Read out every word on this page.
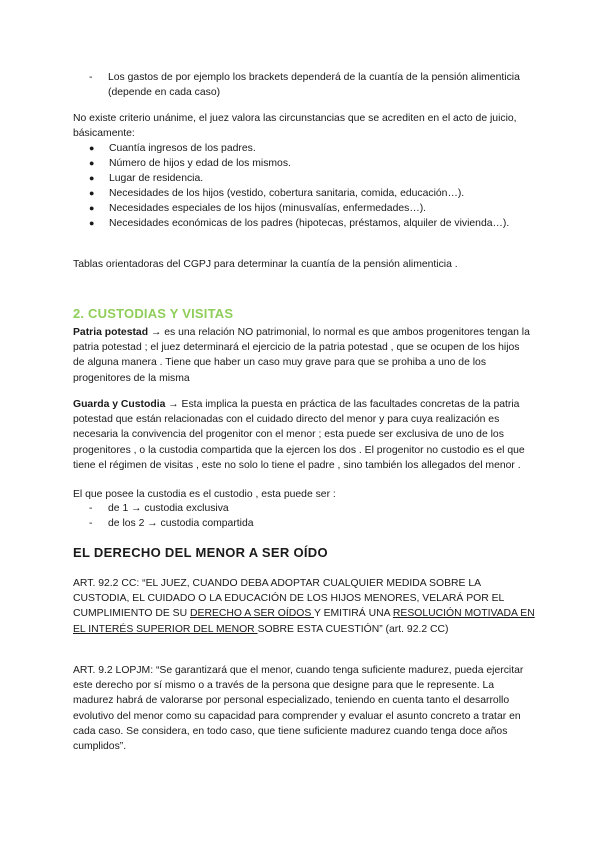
- Los gastos de por ejemplo los brackets dependerá de la cuantía de la pensión alimenticia (depende en cada caso)
No existe criterio unánime, el juez valora las circunstancias que se acrediten en el acto de juicio, básicamente:
● Cuantía ingresos de los padres.
● Número de hijos y edad de los mismos.
● Lugar de residencia.
● Necesidades de los hijos (vestido, cobertura sanitaria, comida, educación…).
● Necesidades especiales de los hijos (minusvalías, enfermedades…).
● Necesidades económicas de los padres (hipotecas, préstamos, alquiler de vivienda…).
Tablas orientadoras del CGPJ para determinar la cuantía de la pensión alimenticia .
2. CUSTODIAS Y VISITAS
Patria potestad → es una relación NO patrimonial, lo normal es que ambos progenitores tengan la patria potestad ; el juez determinará el ejercicio de la patria potestad , que se ocupen de los hijos de alguna manera . Tiene que haber un caso muy grave para que se prohiba a uno de los progenitores de la misma
Guarda y Custodia → Esta implica la puesta en práctica de las facultades concretas de la patria potestad que están relacionadas con el cuidado directo del menor y para cuya realización es necesaria la convivencia del progenitor con el menor ; esta puede ser exclusiva de uno de los progenitores , o la custodia compartida que la ejercen los dos . El progenitor no custodio es el que tiene el régimen de visitas , este no solo lo tiene el padre , sino también los allegados del menor .
El que posee la custodia es el custodio , esta puede ser :
- de 1 → custodia exclusiva
- de los 2 → custodia compartida
EL DERECHO DEL MENOR A SER OÍDO
ART. 92.2 CC: “EL JUEZ, CUANDO DEBA ADOPTAR CUALQUIER MEDIDA SOBRE LA CUSTODIA, EL CUIDADO O LA EDUCACIÓN DE LOS HIJOS MENORES, VELARÁ POR EL CUMPLIMIENTO DE SU DERECHO A SER OÍDOS Y EMITIRÁ UNA RESOLUCIÓN MOTIVADA EN EL INTERÉS SUPERIOR DEL MENOR SOBRE ESTA CUESTIÓN” (art. 92.2 CC)
ART. 9.2 LOPJM: “Se garantizará que el menor, cuando tenga suficiente madurez, pueda ejercitar este derecho por sí mismo o a través de la persona que designe para que le represente. La madurez habrá de valorarse por personal especializado, teniendo en cuenta tanto el desarrollo evolutivo del menor como su capacidad para comprender y evaluar el asunto concreto a tratar en cada caso. Se considera, en todo caso, que tiene suficiente madurez cuando tenga doce años cumplidos”.
